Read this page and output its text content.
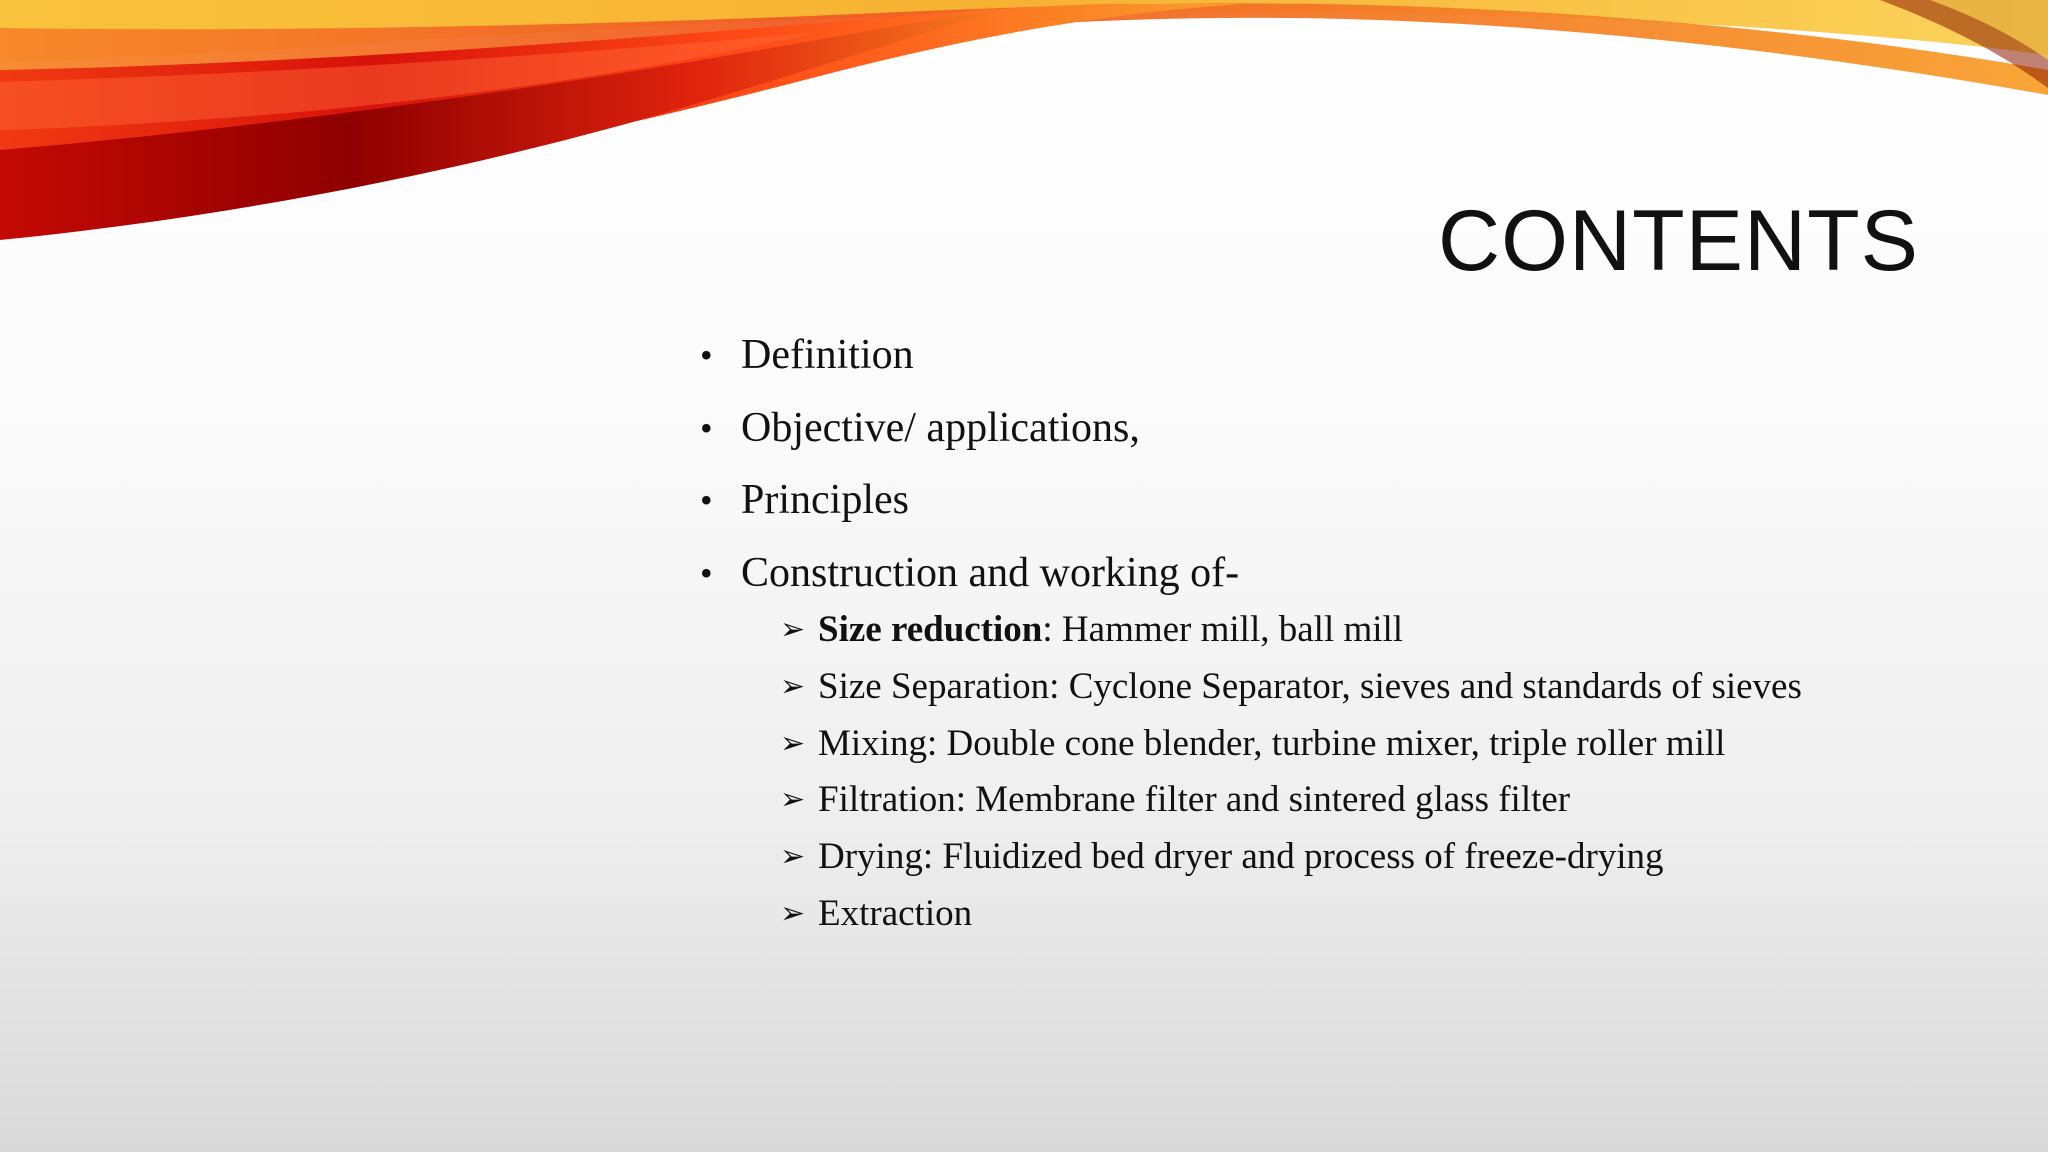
CONTENTS
• Definition
• Objective/ applications,
• Principles
• Construction and working of-
➢ Size reduction: Hammer mill, ball mill
➢ Size Separation: Cyclone Separator, sieves and standards of sieves
➢ Mixing: Double cone blender, turbine mixer, triple roller mill
➢ Filtration: Membrane filter and sintered glass filter
➢ Drying: Fluidized bed dryer and process of freeze-drying
➢ Extraction
